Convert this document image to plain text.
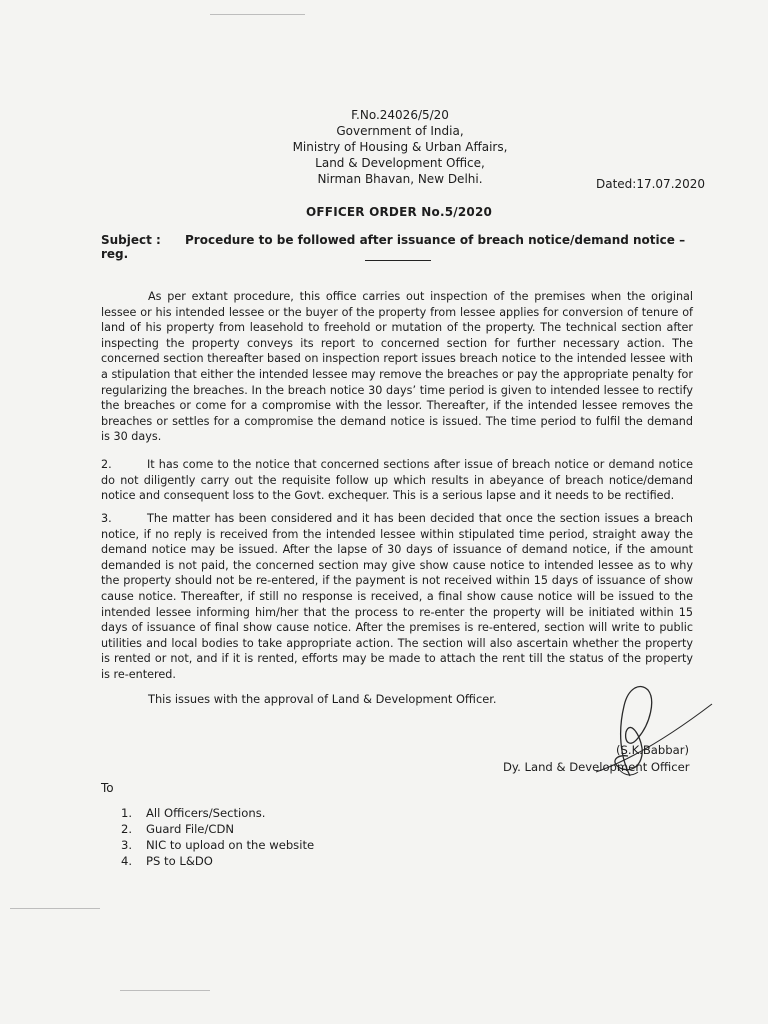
F.No.24026/5/20
Government of India,
Ministry of Housing & Urban Affairs,
Land & Development Office,
Nirman Bhavan, New Delhi.	Dated:17.07.2020
OFFICER ORDER No.5/2020
Subject : Procedure to be followed after issuance of breach notice/demand notice – reg.

As per extant procedure, this office carries out inspection of the premises when the original lessee or his intended lessee or the buyer of the property from lessee applies for conversion of tenure of land of his property from leasehold to freehold or mutation of the property. The technical section after inspecting the property conveys its report to concerned section for further necessary action. The concerned section thereafter based on inspection report issues breach notice to the intended lessee with a stipulation that either the intended lessee may remove the breaches or pay the appropriate penalty for regularizing the breaches. In the breach notice 30 days’ time period is given to intended lessee to rectify the breaches or come for a compromise with the lessor. Thereafter, if the intended lessee removes the breaches or settles for a compromise the demand notice is issued. The time period to fulfil the demand is 30 days.

2.	It has come to the notice that concerned sections after issue of breach notice or demand notice do not diligently carry out the requisite follow up which results in abeyance of breach notice/demand notice and consequent loss to the Govt. exchequer. This is a serious lapse and it needs to be rectified.

3.	The matter has been considered and it has been decided that once the section issues a breach notice, if no reply is received from the intended lessee within stipulated time period, straight away the demand notice may be issued. After the lapse of 30 days of issuance of demand notice, if the amount demanded is not paid, the concerned section may give show cause notice to intended lessee as to why the property should not be re-entered, if the payment is not received within 15 days of issuance of show cause notice. Thereafter, if still no response is received, a final show cause notice will be issued to the intended lessee informing him/her that the process to re-enter the property will be initiated within 15 days of issuance of final show cause notice. After the premises is re-entered, section will write to public utilities and local bodies to take appropriate action. The section will also ascertain whether the property is rented or not, and if it is rented, efforts may be made to attach the rent till the status of the property is re-entered.

This issues with the approval of Land & Development Officer.
(S.K.Babbar)
Dy. Land & Development Officer
To
1. All Officers/Sections.
2. Guard File/CDN
3. NIC to upload on the website
4. PS to L&DO
